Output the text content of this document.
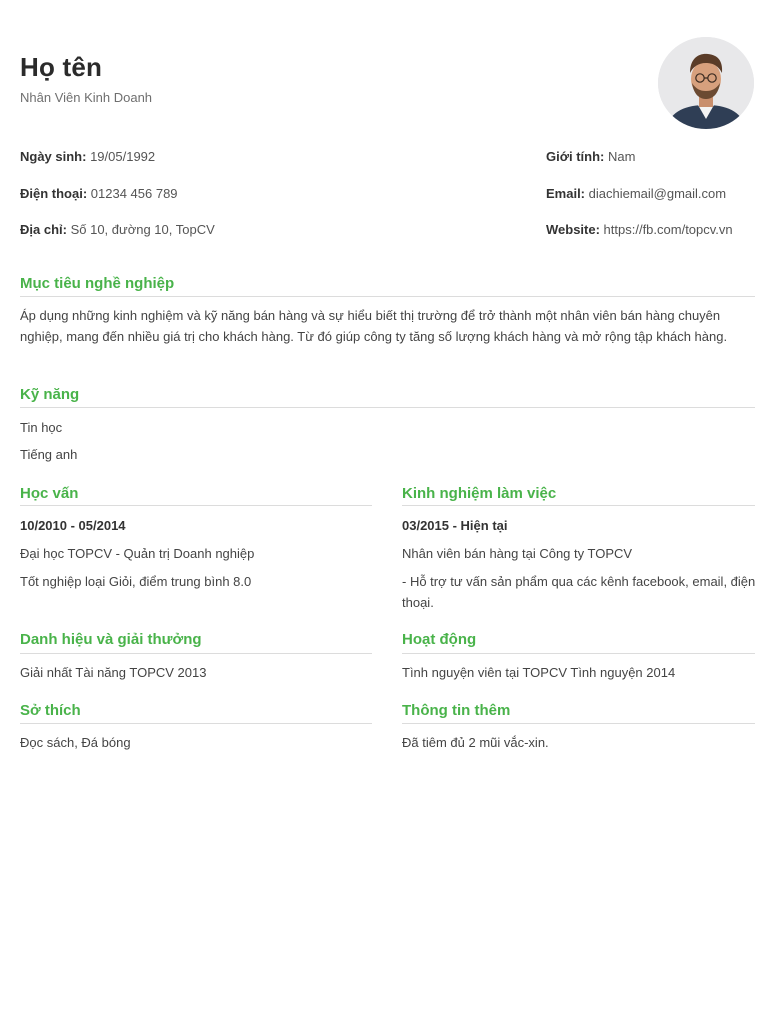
Họ tên
Nhân Viên Kinh Doanh
Ngày sinh: 19/05/1992
Điện thoại: 01234 456 789
Địa chỉ: Số 10, đường 10, TopCV
Giới tính: Nam
Email: diachiemail@gmail.com
Website: https://fb.com/topcv.vn
Mục tiêu nghề nghiệp
Áp dụng những kinh nghiệm và kỹ năng bán hàng và sự hiểu biết thị trường để trở thành một nhân viên bán hàng chuyên nghiệp, mang đến nhiều giá trị cho khách hàng. Từ đó giúp công ty tăng số lượng khách hàng và mở rộng tập khách hàng.
Kỹ năng
Tin học
Tiếng anh
Học vấn
10/2010 - 05/2014
Đại học TOPCV - Quản trị Doanh nghiệp
Tốt nghiệp loại Giỏi, điểm trung bình 8.0
Kinh nghiệm làm việc
03/2015 - Hiện tại
Nhân viên bán hàng tại Công ty TOPCV
- Hỗ trợ tư vấn sản phẩm qua các kênh facebook, email, điện thoại.
Danh hiệu và giải thưởng
Giải nhất Tài năng TOPCV 2013
Hoạt động
Tình nguyện viên tại TOPCV Tình nguyện 2014
Sở thích
Đọc sách, Đá bóng
Thông tin thêm
Đã tiêm đủ 2 mũi vắc-xin.
